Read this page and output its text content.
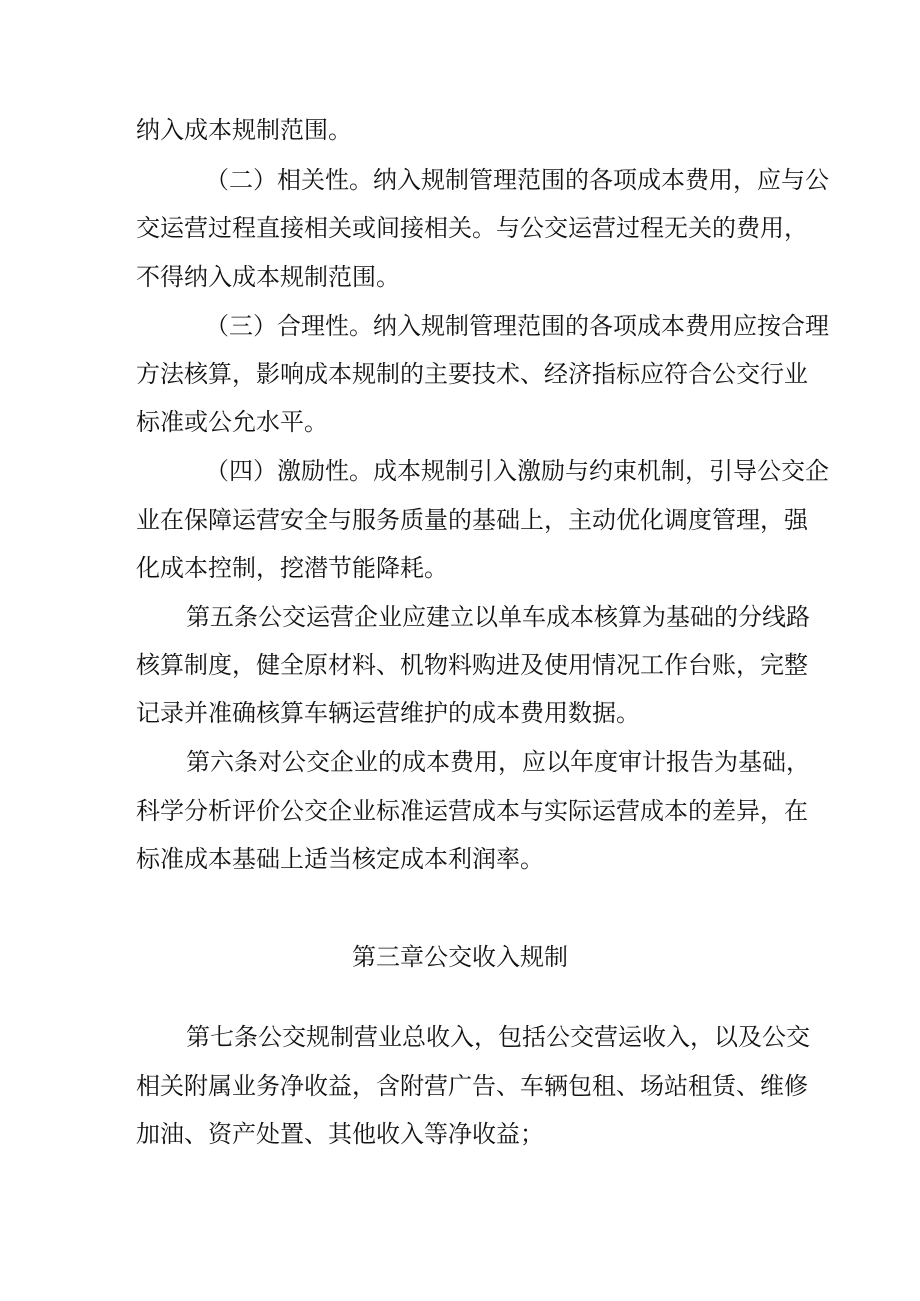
纳入成本规制范围。
（二）相关性。纳入规制管理范围的各项成本费用，应与公
交运营过程直接相关或间接相关。与公交运营过程无关的费用，
不得纳入成本规制范围。
（三）合理性。纳入规制管理范围的各项成本费用应按合理
方法核算，影响成本规制的主要技术、经济指标应符合公交行业
标准或公允水平。
（四）激励性。成本规制引入激励与约束机制，引导公交企
业在保障运营安全与服务质量的基础上，主动优化调度管理，强
化成本控制，挖潜节能降耗。
第五条公交运营企业应建立以单车成本核算为基础的分线路
核算制度，健全原材料、机物料购进及使用情况工作台账，完整
记录并准确核算车辆运营维护的成本费用数据。
第六条对公交企业的成本费用，应以年度审计报告为基础，
科学分析评价公交企业标准运营成本与实际运营成本的差异，在
标准成本基础上适当核定成本利润率。
第三章公交收入规制
第七条公交规制营业总收入，包括公交营运收入，以及公交
相关附属业务净收益，含附营广告、车辆包租、场站租赁、维修
加油、资产处置、其他收入等净收益；
